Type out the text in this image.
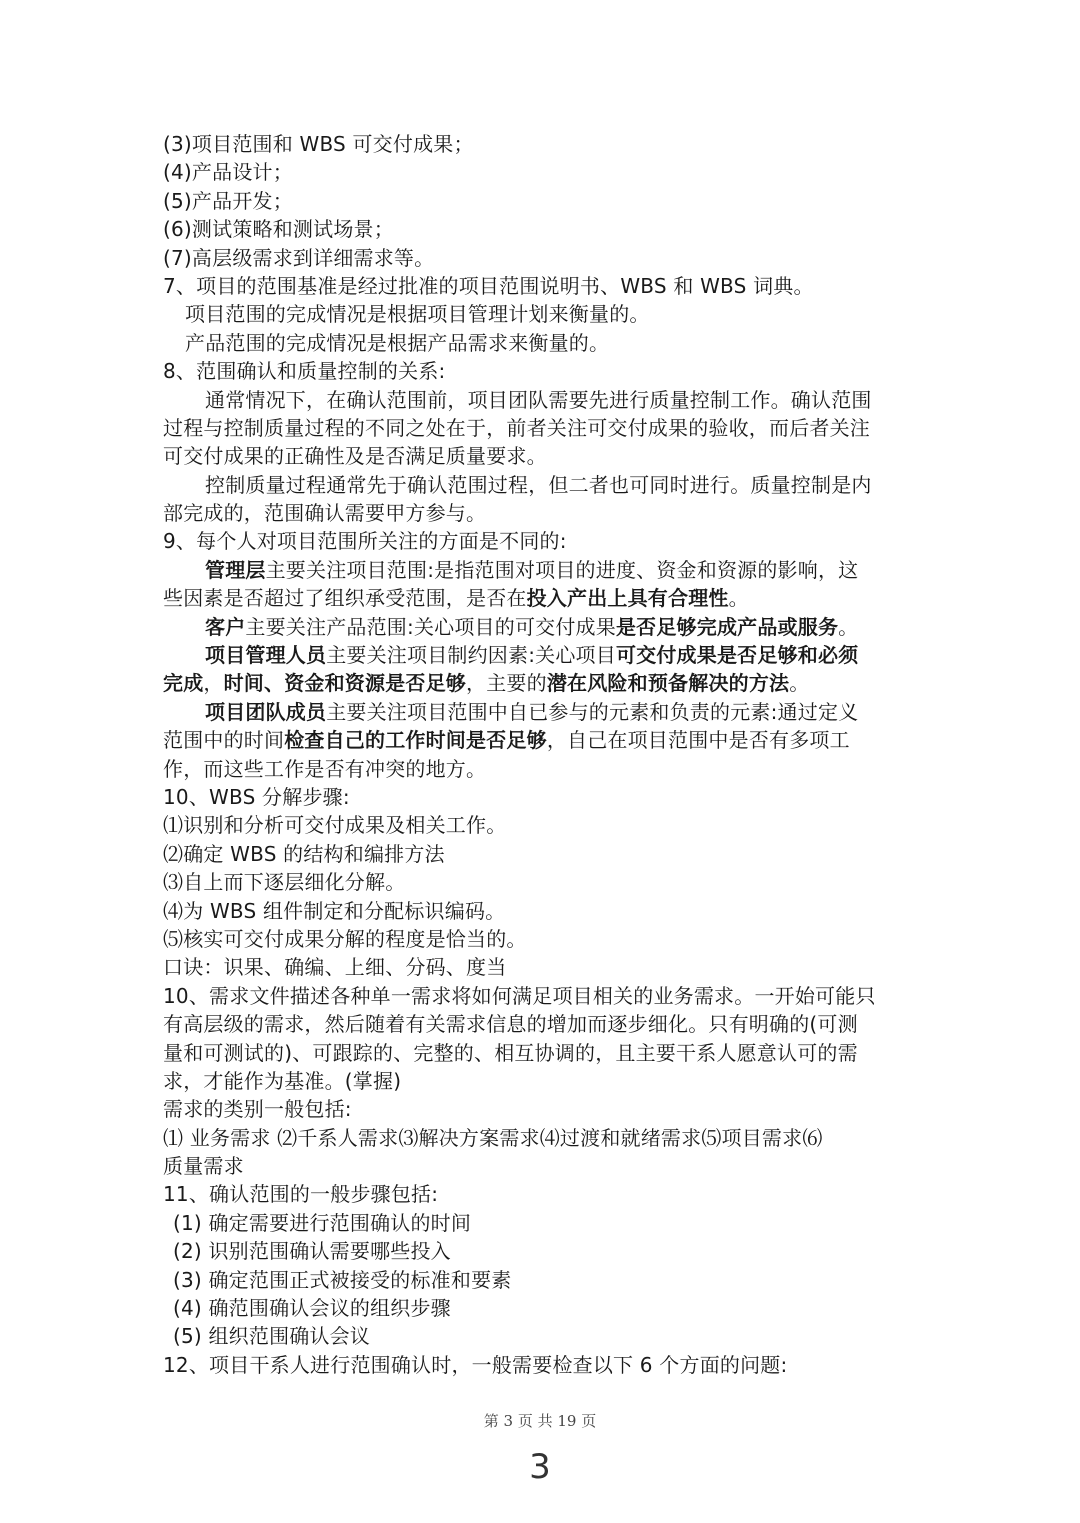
(3)项目范围和 WBS 可交付成果；
(4)产品设计；
(5)产品开发；
(6)测试策略和测试场景；
(7)高层级需求到详细需求等。
7、项目的范围基准是经过批准的项目范围说明书、WBS 和 WBS 词典。
项目范围的完成情况是根据项目管理计划来衡量的。
产品范围的完成情况是根据产品需求来衡量的。
8、范围确认和质量控制的关系:
通常情况下，在确认范围前，项目团队需要先进行质量控制工作。确认范围
过程与控制质量过程的不同之处在于，前者关注可交付成果的验收，而后者关注
可交付成果的正确性及是否满足质量要求。
控制质量过程通常先于确认范围过程，但二者也可同时进行。质量控制是内
部完成的，范围确认需要甲方参与。
9、每个人对项目范围所关注的方面是不同的:
管理层主要关注项目范围:是指范围对项目的进度、资金和资源的影响，这
些因素是否超过了组织承受范围，是否在投入产出上具有合理性。
客户主要关注产品范围:关心项目的可交付成果是否足够完成产品或服务。
项目管理人员主要关注项目制约因素:关心项目可交付成果是否足够和必须
完成，时间、资金和资源是否足够，主要的潜在风险和预备解决的方法。
项目团队成员主要关注项目范围中自已参与的元素和负责的元素:通过定义
范围中的时间检查自己的工作时间是否足够，自己在项目范围中是否有多项工
作，而这些工作是否有冲突的地方。
10、WBS 分解步骤:
⑴识别和分析可交付成果及相关工作。
⑵确定 WBS 的结构和编排方法
⑶自上而下逐层细化分解。
⑷为 WBS 组件制定和分配标识编码。
⑸核实可交付成果分解的程度是恰当的。
口诀：识果、确编、上细、分码、度当
10、需求文件描述各种单一需求将如何满足项目相关的业务需求。一开始可能只
有高层级的需求，然后随着有关需求信息的增加而逐步细化。只有明确的(可测
量和可测试的)、可跟踪的、完整的、相互协调的，且主要干系人愿意认可的需
求，才能作为基准。(掌握)
需求的类别一般包括:
⑴ 业务需求 ⑵千系人需求⑶解决方案需求⑷过渡和就绪需求⑸项目需求⑹
质量需求
11、确认范围的一般步骤包括:
(1) 确定需要进行范围确认的时间
(2) 识别范围确认需要哪些投入
(3) 确定范围正式被接受的标准和要素
(4) 确范围确认会议的组织步骤
(5) 组织范围确认会议
12、项目干系人进行范围确认时，一般需要检查以下 6 个方面的问题:
第 3 页 共 19 页
3
